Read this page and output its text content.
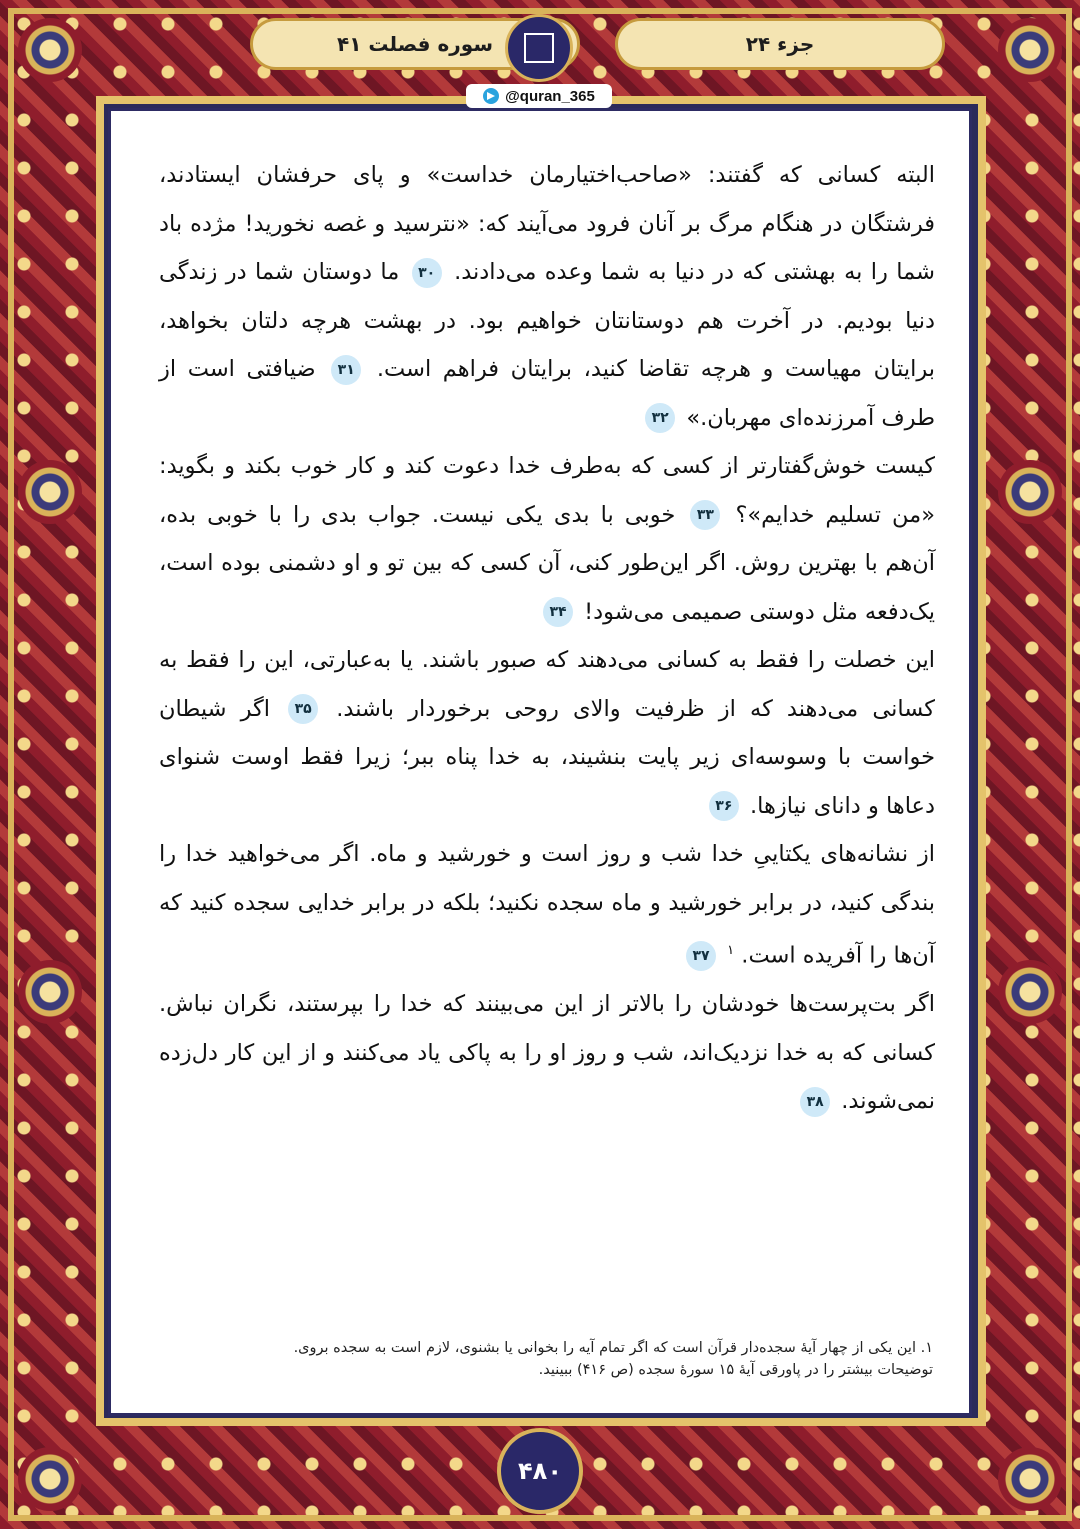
سوره فصلت ۴۱	جزء ۲۴

البته کسانی که گفتند: «صاحب‌اختیارمان خداست» و پای حرفشان ایستادند، فرشتگان در هنگام مرگ بر آنان فرود می‌آیند که: «نترسید و غصه نخورید! مژده باد شما را به بهشتی که در دنیا به شما وعده می‌دادند. ۳۰ ما دوستان شما در زندگی دنیا بودیم. در آخرت هم دوستانتان خواهیم بود. در بهشت هرچه دلتان بخواهد، برایتان مهیاست و هرچه تقاضا کنید، برایتان فراهم است. ۳۱ ضیافتی است از طرف آمرزنده‌ای مهربان.» ۳۲

کیست خوش‌گفتارتر از کسی که به‌طرف خدا دعوت کند و کار خوب بکند و بگوید: «من تسلیم خدایم»؟ ۳۳ خوبی با بدی یکی نیست. جواب بدی را با خوبی بده، آن‌هم با بهترین روش. اگر این‌طور کنی، آن کسی که بین تو و او دشمنی بوده است، یک‌دفعه مثل دوستی صمیمی می‌شود! ۳۴

این خصلت را فقط به کسانی می‌دهند که صبور باشند. یا به‌عبارتی، این را فقط به کسانی می‌دهند که از ظرفیت والای روحی برخوردار باشند. ۳۵ اگر شیطان خواست با وسوسه‌ای زیر پایت بنشیند، به خدا پناه ببر؛ زیرا فقط اوست شنوای دعاها و دانای نیازها. ۳۶

از نشانه‌های یکتاییِ خدا شب و روز است و خورشید و ماه. اگر می‌خواهید خدا را بندگی کنید، در برابر خورشید و ماه سجده نکنید؛ بلکه در برابر خدایی سجده کنید که آن‌ها را آفریده است. $^۱$ ۳۷

اگر بت‌پرست‌ها خودشان را بالاتر از این می‌بینند که خدا را بپرستند، نگران نباش. کسانی که به خدا نزدیک‌اند، شب و روز او را به پاکی یاد می‌کنند و از این کار دل‌زده نمی‌شوند. ۳۸

۱. این یکی از چهار آیهٔ سجده‌دار قرآن است که اگر تمام آیه را بخوانی یا بشنوی، لازم است به سجده بروی.
توضیحات بیشتر را در پاورقی آیهٔ ۱۵ سورهٔ سجده (ص ۴۱۶) ببینید.
@quran_365
۴۸۰
